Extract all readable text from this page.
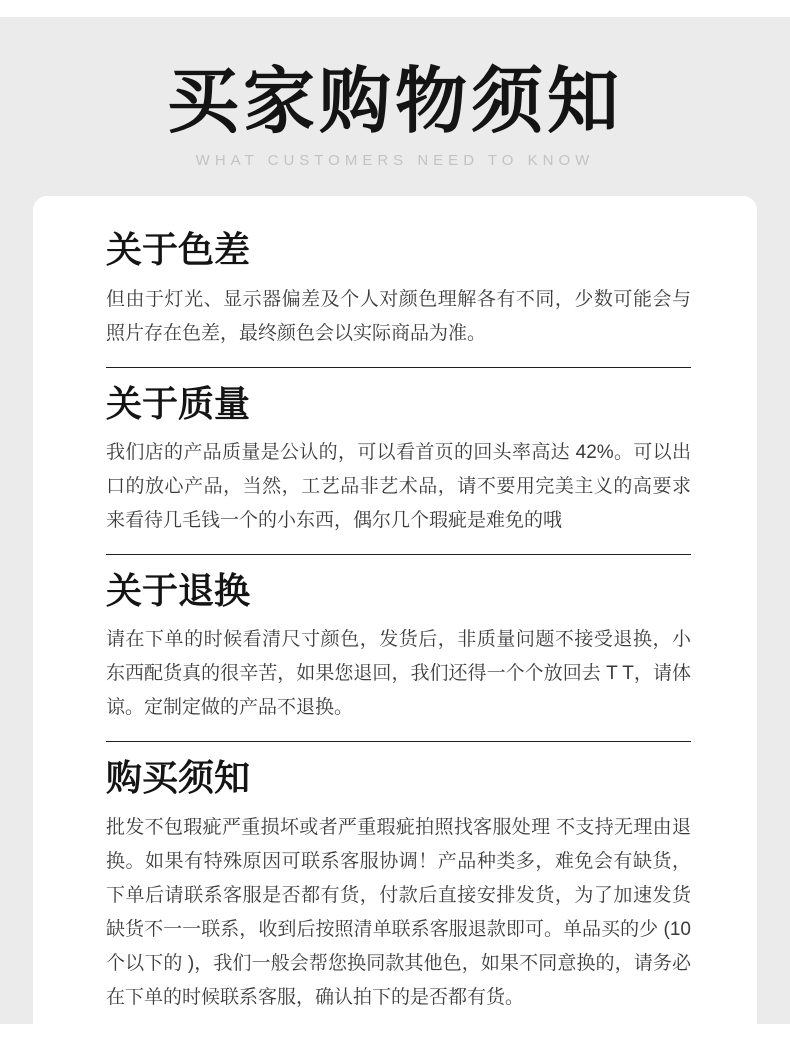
买家购物须知
WHAT CUSTOMERS NEED TO KNOW
关于色差
但由于灯光、显示器偏差及个人对颜色理解各有不同，少数可能会与照片存在色差，最终颜色会以实际商品为准。
关于质量
我们店的产品质量是公认的，可以看首页的回头率高达 42%。可以出口的放心产品，当然，工艺品非艺术品，请不要用完美主义的高要求来看待几毛钱一个的小东西，偶尔几个瑕疵是难免的哦
关于退换
请在下单的时候看清尺寸颜色，发货后，非质量问题不接受退换，小东西配货真的很辛苦，如果您退回，我们还得一个个放回去 T T，请体谅。定制定做的产品不退换。
购买须知
批发不包瑕疵严重损坏或者严重瑕疵拍照找客服处理 不支持无理由退换。如果有特殊原因可联系客服协调！产品种类多，难免会有缺货，下单后请联系客服是否都有货，付款后直接安排发货，为了加速发货缺货不一一联系，收到后按照清单联系客服退款即可。单品买的少 (10 个以下的 )，我们一般会帮您换同款其他色，如果不同意换的，请务必在下单的时候联系客服，确认拍下的是否都有货。
